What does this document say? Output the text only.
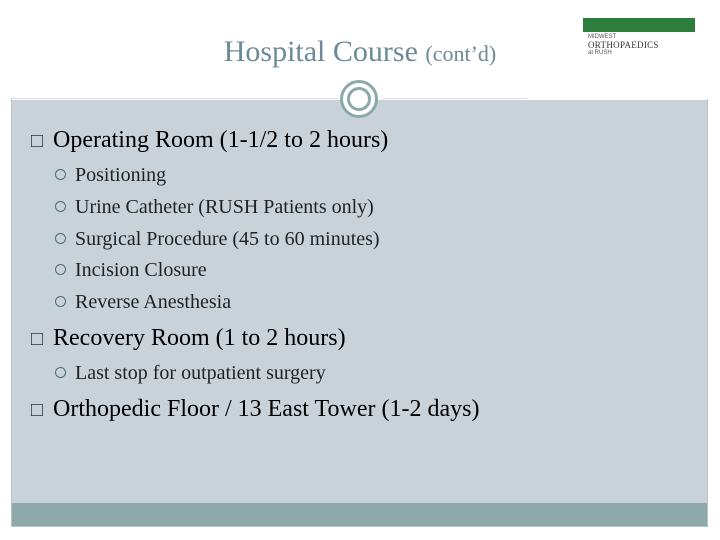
Hospital Course (cont’d)
MIDWEST
ORTHOPAEDICS
at RUSH
□ Operating Room (1-1/2 to 2 hours)
Positioning
Urine Catheter (RUSH Patients only)
Surgical Procedure (45 to 60 minutes)
Incision Closure
Reverse Anesthesia
□ Recovery Room (1 to 2 hours)
Last stop for outpatient surgery
□ Orthopedic Floor / 13 East Tower (1-2 days)
